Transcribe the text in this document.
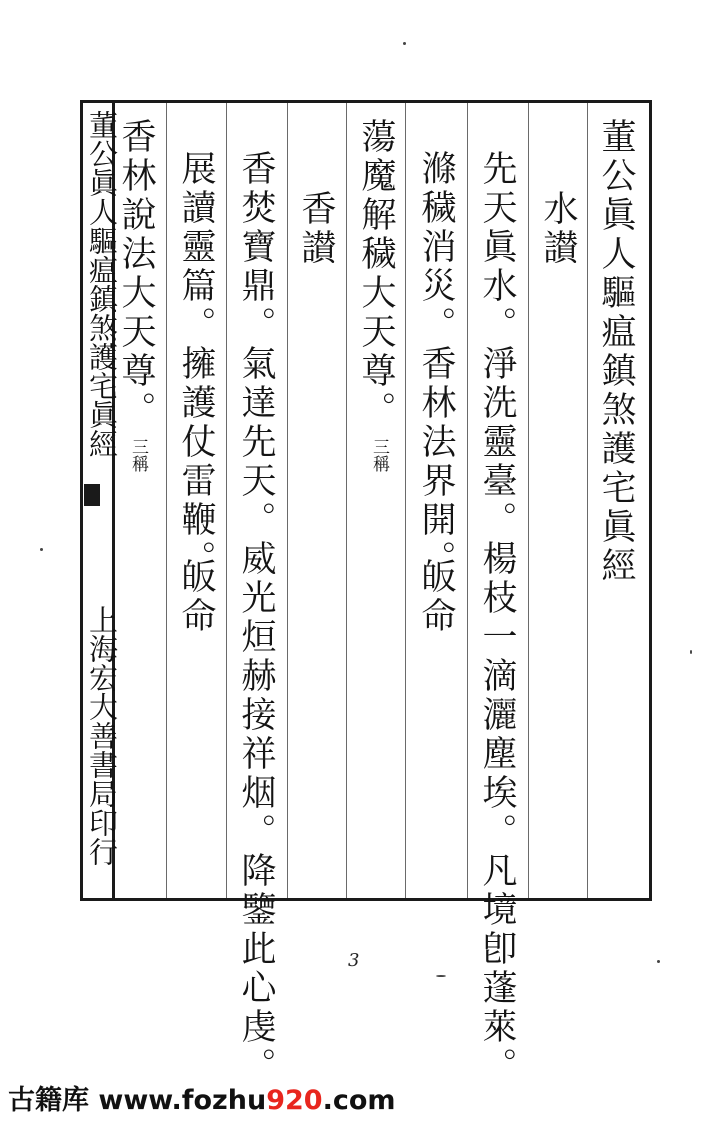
董公眞人驅瘟鎮煞護宅眞經
水讃
先天眞水。淨洗靈臺。楊枝一滴灑塵埃。凡境卽蓬萊。
滌穢消災。香林法界開。
皈命
蕩魔解穢大天尊。
三稱
香讃
香焚寶鼎。氣達先天。威光烜赫接祥烟。降鑒此心虔。
展讀靈篇。擁護仗雷鞭。
皈命
香林說法大天尊。
三稱
董公眞人驅瘟鎮煞護宅眞經
上海宏大善書局印行
3
古籍库 www.fozhu920.com
